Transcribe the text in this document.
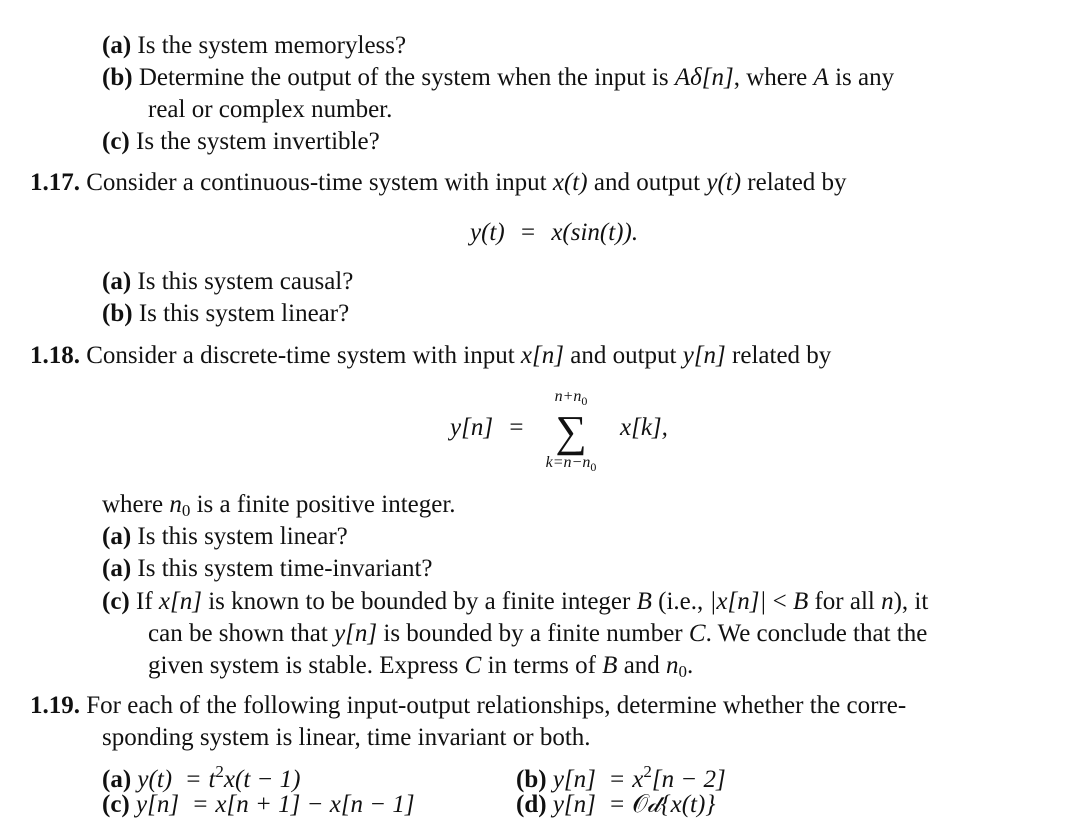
(a) Is the system memoryless?
(b) Determine the output of the system when the input is Aδ[n], where A is any
real or complex number.
(c) Is the system invertible?
1.17. Consider a continuous-time system with input x(t) and output y(t) related by
y(t) = x(sin(t)).
(a) Is this system causal?
(b) Is this system linear?
1.18. Consider a discrete-time system with input x[n] and output y[n] related by
y[n] =
$n+n_0$
∑
$k=n-n_0$
x[k],
where $n_0$ is a finite positive integer.
(a) Is this system linear?
(a) Is this system time-invariant?
(c) If x[n] is known to be bounded by a finite integer B (i.e., |x[n]| < B for all n), it
can be shown that y[n] is bounded by a finite number C. We conclude that the
given system is stable. Express C in terms of B and $n_0$.
1.19. For each of the following input-output relationships, determine whether the corre-
sponding system is linear, time invariant or both.
(a) $y(t) = t^2x(t - 1)$	(b) $y[n] = x^2[n - 2]$
(c) y[n] = x[n + 1] − x[n − 1]	(d) y[n] = 𝒪𝒹{x(t)}
